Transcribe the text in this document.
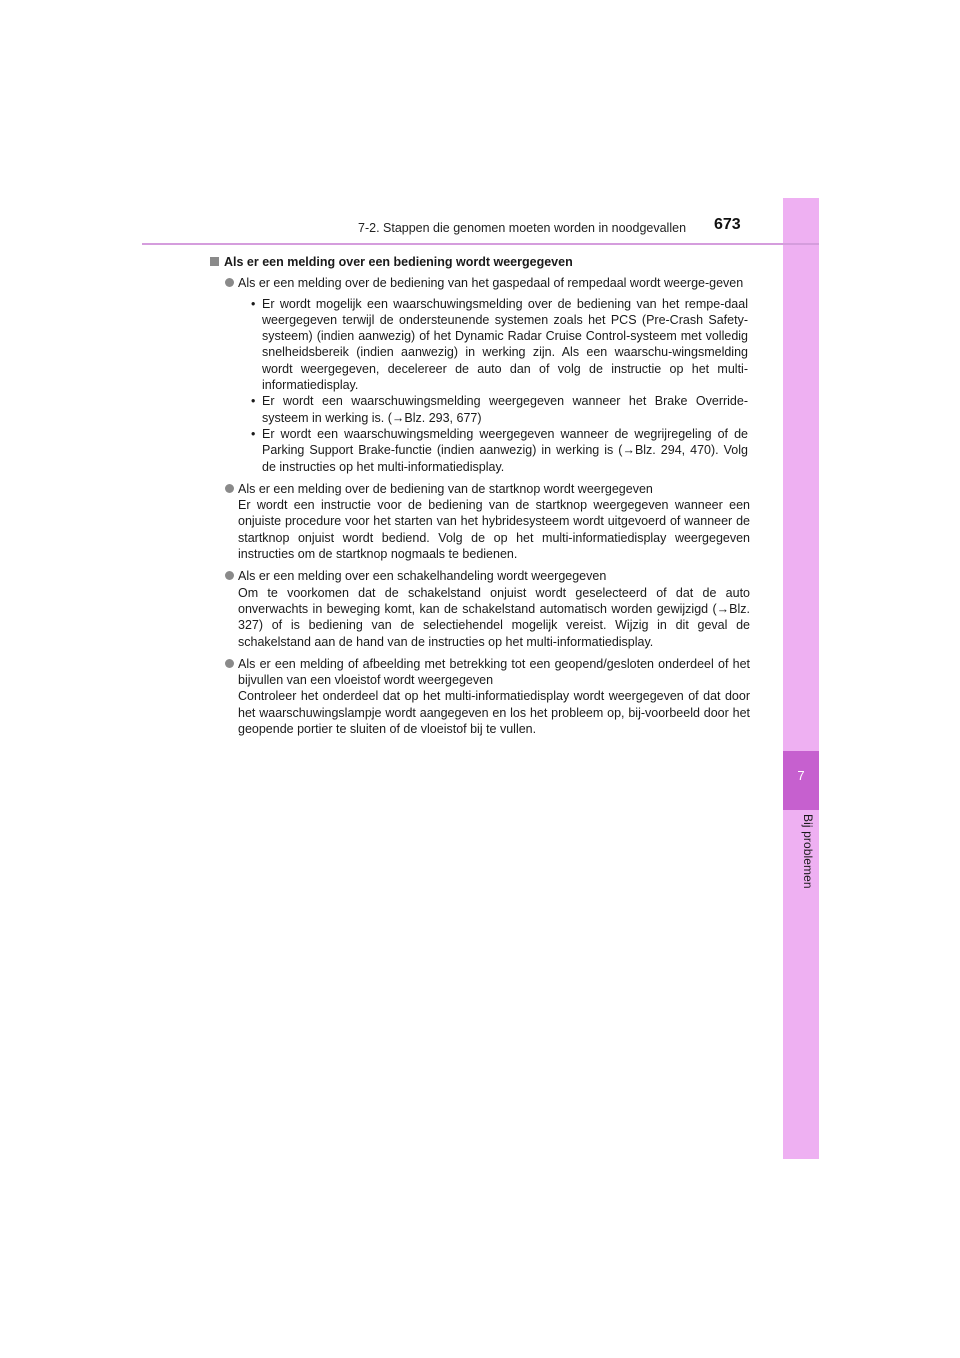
7
Bij problemen
7-2. Stappen die genomen moeten worden in noodgevallen 673
Als er een melding over een bediening wordt weergegeven
Als er een melding over de bediening van het gaspedaal of rempedaal wordt weerge-geven
• Er wordt mogelijk een waarschuwingsmelding over de bediening van het rempe-daal weergegeven terwijl de ondersteunende systemen zoals het PCS (Pre-Crash Safety-systeem) (indien aanwezig) of het Dynamic Radar Cruise Control-systeem met volledig snelheidsbereik (indien aanwezig) in werking zijn. Als een waarschu-wingsmelding wordt weergegeven, decelereer de auto dan of volg de instructie op het multi-informatiedisplay.
• Er wordt een waarschuwingsmelding weergegeven wanneer het Brake Override-systeem in werking is. (→Blz. 293, 677)
• Er wordt een waarschuwingsmelding weergegeven wanneer de wegrijregeling of de Parking Support Brake-functie (indien aanwezig) in werking is (→Blz. 294, 470). Volg de instructies op het multi-informatiedisplay.
Als er een melding over de bediening van de startknop wordt weergegeven
Er wordt een instructie voor de bediening van de startknop weergegeven wanneer een onjuiste procedure voor het starten van het hybridesysteem wordt uitgevoerd of wanneer de startknop onjuist wordt bediend. Volg de op het multi-informatiedisplay weergegeven instructies om de startknop nogmaals te bedienen.
Als er een melding over een schakelhandeling wordt weergegeven
Om te voorkomen dat de schakelstand onjuist wordt geselecteerd of dat de auto onverwachts in beweging komt, kan de schakelstand automatisch worden gewijzigd (→Blz. 327) of is bediening van de selectiehendel mogelijk vereist. Wijzig in dit geval de schakelstand aan de hand van de instructies op het multi-informatiedisplay.
Als er een melding of afbeelding met betrekking tot een geopend/gesloten onderdeel of het bijvullen van een vloeistof wordt weergegeven
Controleer het onderdeel dat op het multi-informatiedisplay wordt weergegeven of dat door het waarschuwingslampje wordt aangegeven en los het probleem op, bij-voorbeeld door het geopende portier te sluiten of de vloeistof bij te vullen.
